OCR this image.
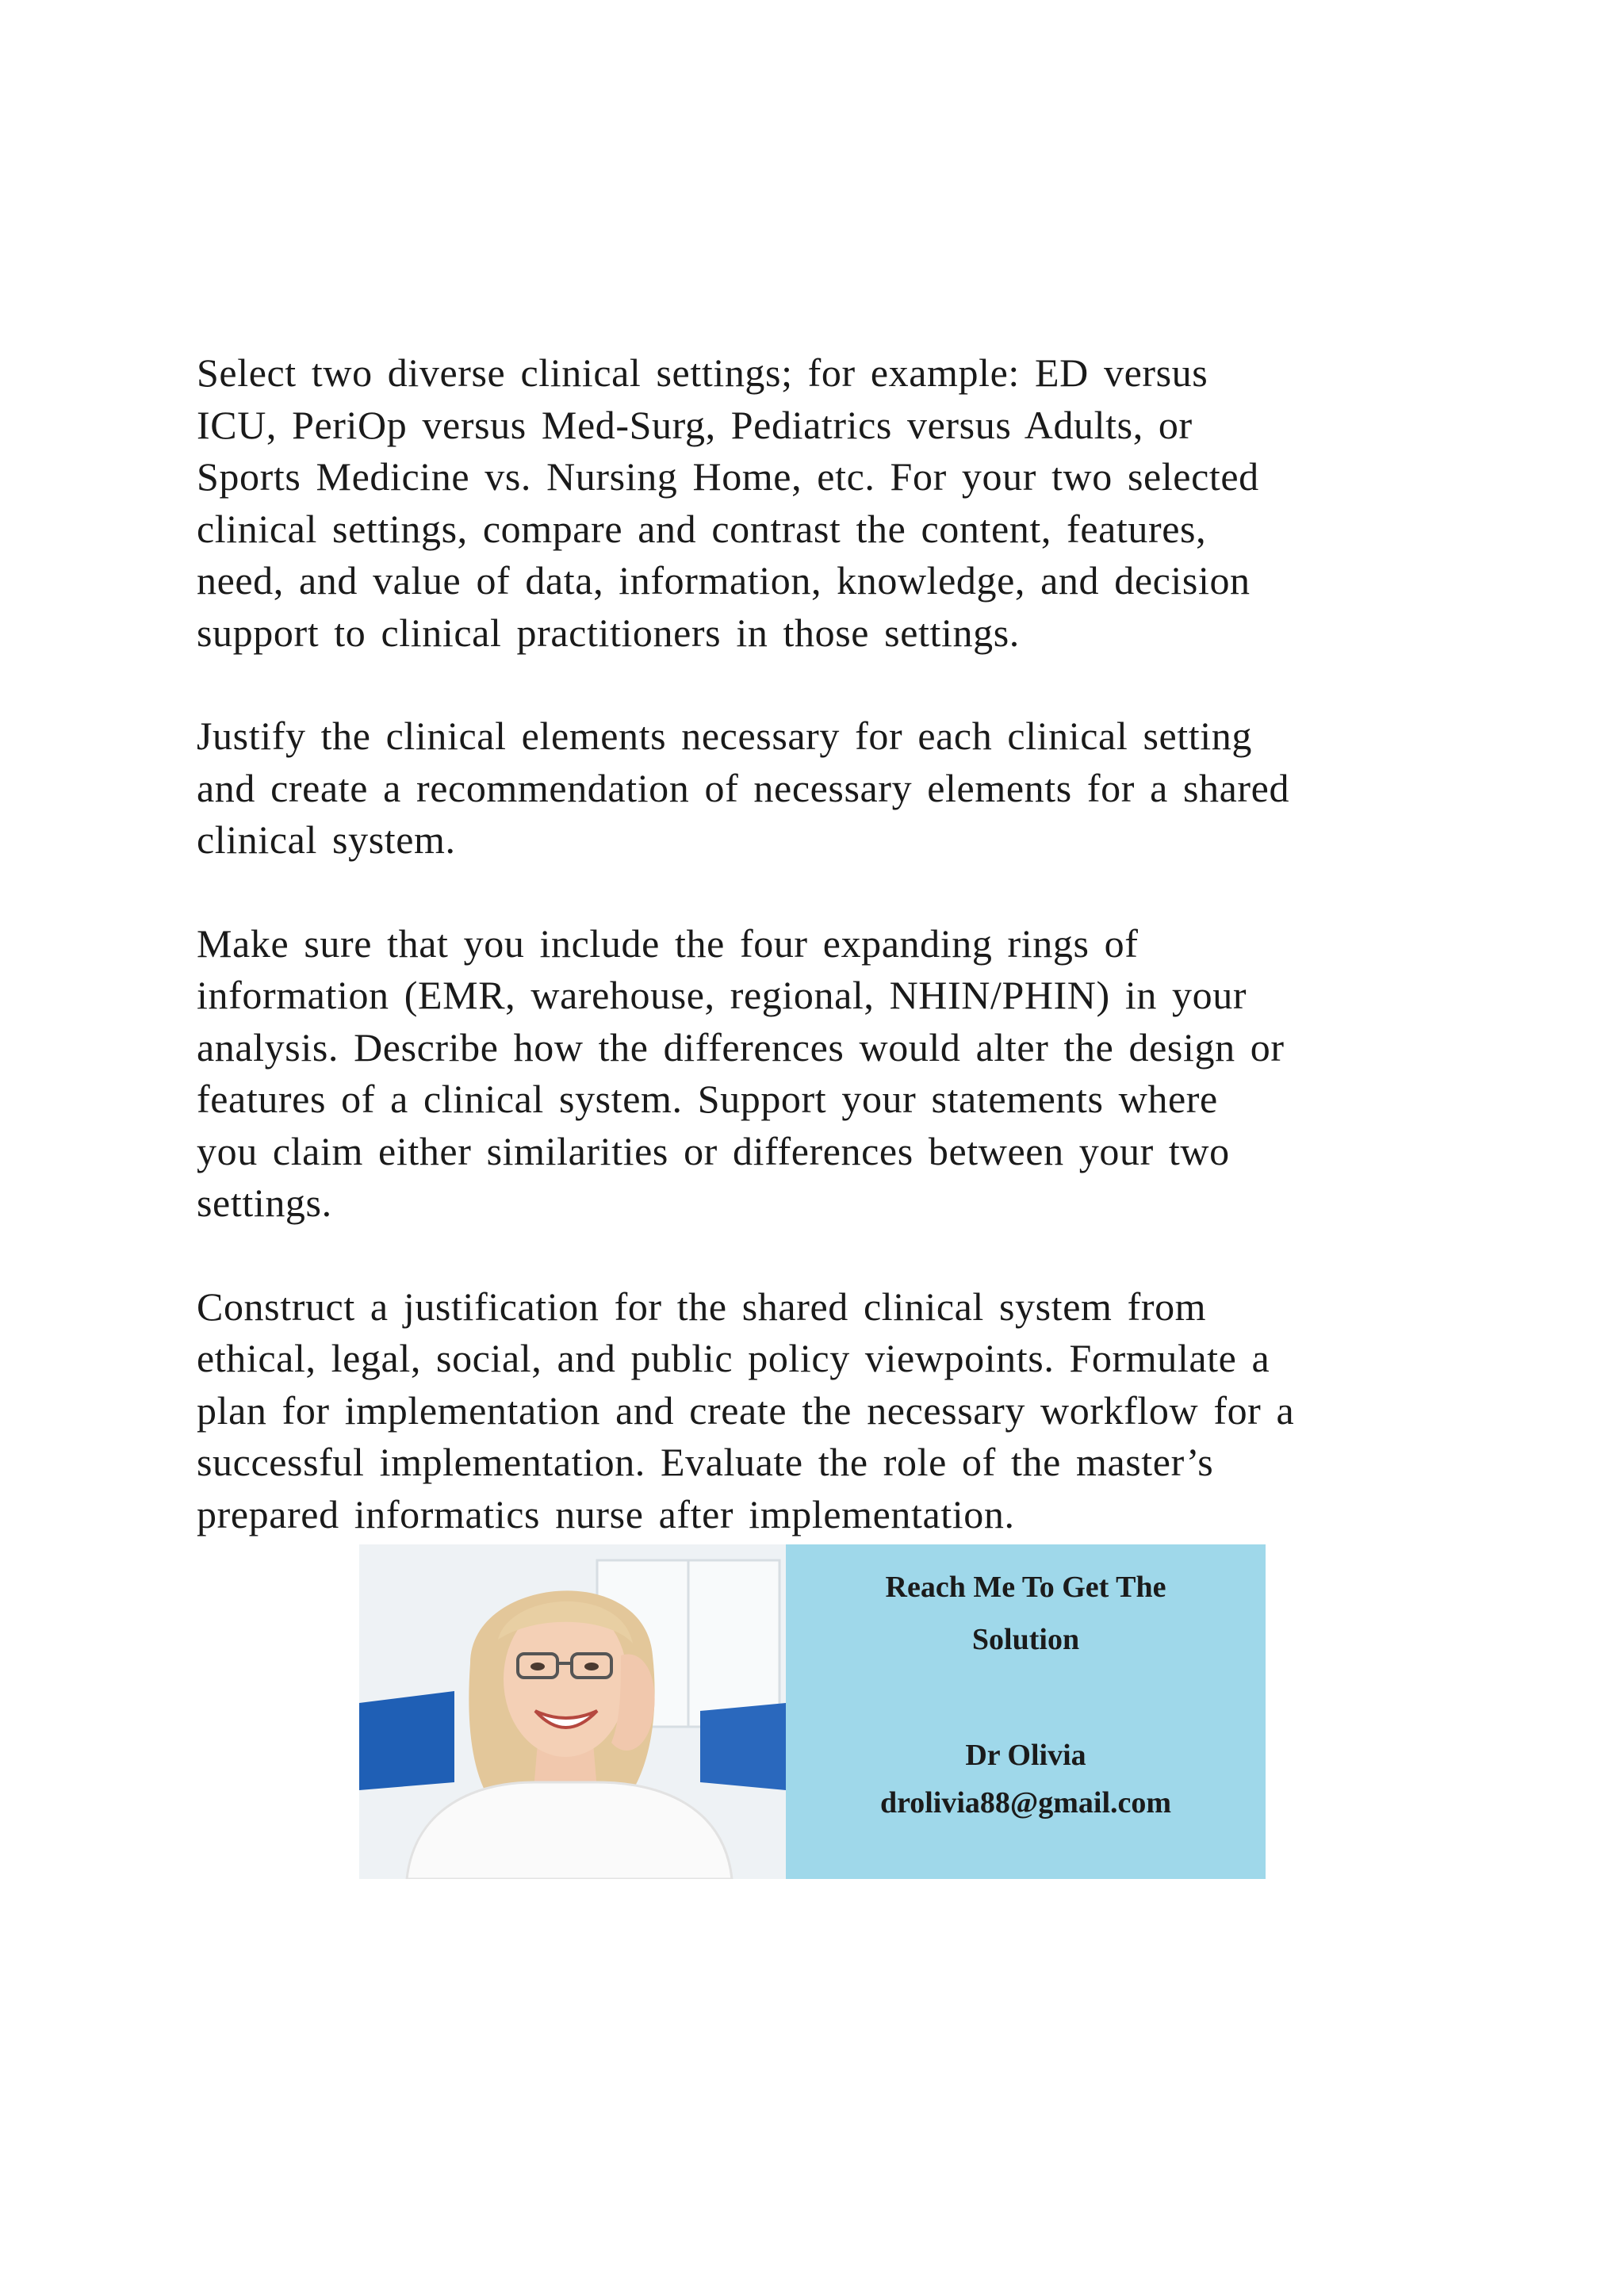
Select two diverse clinical settings; for example: ED versus
ICU, PeriOp versus Med-Surg, Pediatrics versus Adults, or
Sports Medicine vs. Nursing Home, etc. For your two selected
clinical settings, compare and contrast the content, features,
need, and value of data, information, knowledge, and decision
support to clinical practitioners in those settings.

Justify the clinical elements necessary for each clinical setting
and create a recommendation of necessary elements for a shared
clinical system.

Make sure that you include the four expanding rings of
information (EMR, warehouse, regional, NHIN/PHIN) in your
analysis. Describe how the differences would alter the design or
features of a clinical system. Support your statements where
you claim either similarities or differences between your two
settings.

Construct a justification for the shared clinical system from
ethical, legal, social, and public policy viewpoints. Formulate a
plan for implementation and create the necessary workflow for a
successful implementation. Evaluate the role of the master’s
prepared informatics nurse after implementation.

Reach Me To Get The
Solution
Dr Olivia
drolivia88@gmail.com
